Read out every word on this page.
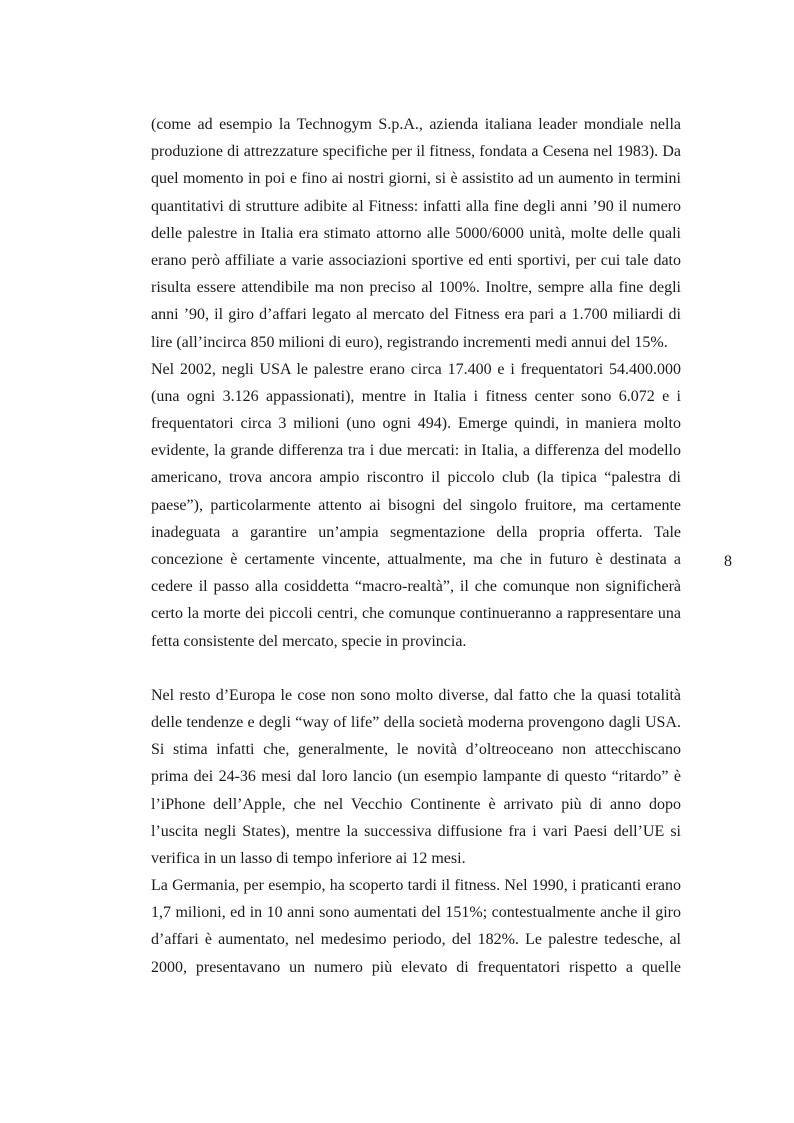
(come ad esempio la Technogym S.p.A., azienda italiana leader mondiale nella
produzione di attrezzature specifiche per il fitness, fondata a Cesena nel 1983). Da
quel momento in poi e fino ai nostri giorni, si è assistito ad un aumento in termini
quantitativi di strutture adibite al Fitness: infatti alla fine degli anni ’90 il numero
delle palestre in Italia era stimato attorno alle 5000/6000 unità, molte delle quali
erano però affiliate a varie associazioni sportive ed enti sportivi, per cui tale dato
risulta essere attendibile ma non preciso al 100%. Inoltre, sempre alla fine degli
anni ’90, il giro d’affari legato al mercato del Fitness era pari a 1.700 miliardi di
lire (all’incirca 850 milioni di euro), registrando incrementi medi annui del 15%.
Nel 2002, negli USA le palestre erano circa 17.400 e i frequentatori 54.400.000
(una ogni 3.126 appassionati), mentre in Italia i fitness center sono 6.072 e i
frequentatori circa 3 milioni (uno ogni 494). Emerge quindi, in maniera molto
evidente, la grande differenza tra i due mercati: in Italia, a differenza del modello
americano, trova ancora ampio riscontro il piccolo club (la tipica “palestra di
paese”), particolarmente attento ai bisogni del singolo fruitore, ma certamente
inadeguata a garantire un’ampia segmentazione della propria offerta. Tale
concezione è certamente vincente, attualmente, ma che in futuro è destinata a
cedere il passo alla cosiddetta “macro-realtà”, il che comunque non significherà
certo la morte dei piccoli centri, che comunque continueranno a rappresentare una
fetta consistente del mercato, specie in provincia.
Nel resto d’Europa le cose non sono molto diverse, dal fatto che la quasi totalità
delle tendenze e degli “way of life” della società moderna provengono dagli USA.
Si stima infatti che, generalmente, le novità d’oltreoceano non attecchiscano
prima dei 24-36 mesi dal loro lancio (un esempio lampante di questo “ritardo” è
l’iPhone dell’Apple, che nel Vecchio Continente è arrivato più di anno dopo
l’uscita negli States), mentre la successiva diffusione fra i vari Paesi dell’UE si
verifica in un lasso di tempo inferiore ai 12 mesi.
La Germania, per esempio, ha scoperto tardi il fitness. Nel 1990, i praticanti erano
1,7 milioni, ed in 10 anni sono aumentati del 151%; contestualmente anche il giro
d’affari è aumentato, nel medesimo periodo, del 182%. Le palestre tedesche, al
2000, presentavano un numero più elevato di frequentatori rispetto a quelle
8
